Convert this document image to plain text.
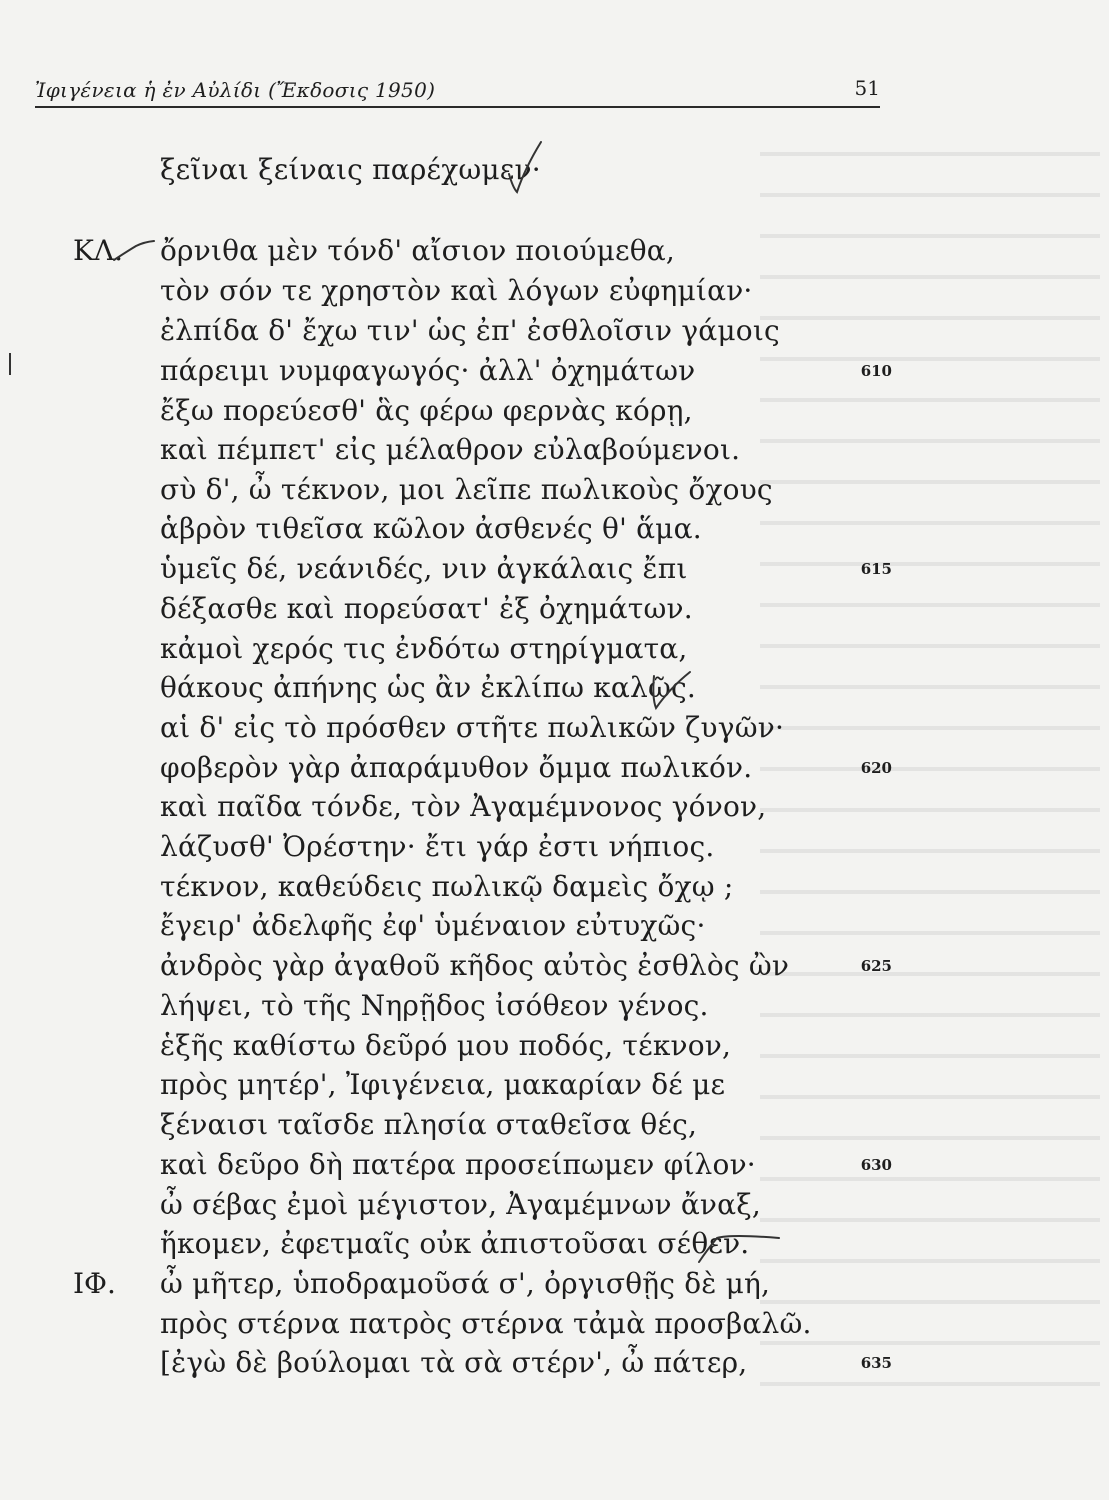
Ἰφιγένεια ἡ ἐν Αὐλίδι (Ἔκδοσις 1950)	51
ξεῖναι ξείναις παρέχωμεν·
ΚΛ. ὄρνιθα μὲν τόνδ' αἴσιον ποιούμεθα,
τὸν σόν τε χρηστὸν καὶ λόγων εὐφημίαν·
ἐλπίδα δ' ἔχω τιν' ὡς ἐπ' ἐσθλοῖσιν γάμοις
πάρειμι νυμφαγωγός· ἀλλ' ὀχημάτων	610
ἔξω πορεύεσθ' ἃς φέρω φερνὰς κόρῃ,
καὶ πέμπετ' εἰς μέλαθρον εὐλαβούμενοι.
σὺ δ', ὦ τέκνον, μοι λεῖπε πωλικοὺς ὄχους
ἁβρὸν τιθεῖσα κῶλον ἀσθενές θ' ἅμα.
ὑμεῖς δέ, νεάνιδές, νιν ἀγκάλαις ἔπι	615
δέξασθε καὶ πορεύσατ' ἐξ ὀχημάτων.
κἀμοὶ χερός τις ἐνδότω στηρίγματα,
θάκους ἀπήνης ὡς ἂν ἐκλίπω καλῶς.
αἱ δ' εἰς τὸ πρόσθεν στῆτε πωλικῶν ζυγῶν·
φοβερὸν γὰρ ἀπαράμυθον ὄμμα πωλικόν.	620
καὶ παῖδα τόνδε, τὸν Ἀγαμέμνονος γόνον,
λάζυσθ' Ὀρέστην· ἔτι γάρ ἐστι νήπιος.
τέκνον, καθεύδεις πωλικῷ δαμεὶς ὄχῳ ;
ἔγειρ' ἀδελφῆς ἐφ' ὑμέναιον εὐτυχῶς·
ἀνδρὸς γὰρ ἀγαθοῦ κῆδος αὐτὸς ἐσθλὸς ὢν	625
λήψει, τὸ τῆς Νηρῇδος ἰσόθεον γένος.
ἑξῆς καθίστω δεῦρό μου ποδός, τέκνον,
πρὸς μητέρ', Ἰφιγένεια, μακαρίαν δέ με
ξέναισι ταῖσδε πλησία σταθεῖσα θές,
καὶ δεῦρο δὴ πατέρα προσείπωμεν φίλον·	630
ὦ σέβας ἐμοὶ μέγιστον, Ἀγαμέμνων ἄναξ,
ἥκομεν, ἐφετμαῖς οὐκ ἀπιστοῦσαι σέθεν.
ΙΦ. ὦ μῆτερ, ὑποδραμοῦσά σ', ὀργισθῇς δὲ μή,
πρὸς στέρνα πατρὸς στέρνα τἀμὰ προσβαλῶ.
[ἐγὼ δὲ βούλομαι τὰ σὰ στέρν', ὦ πάτερ,	635
